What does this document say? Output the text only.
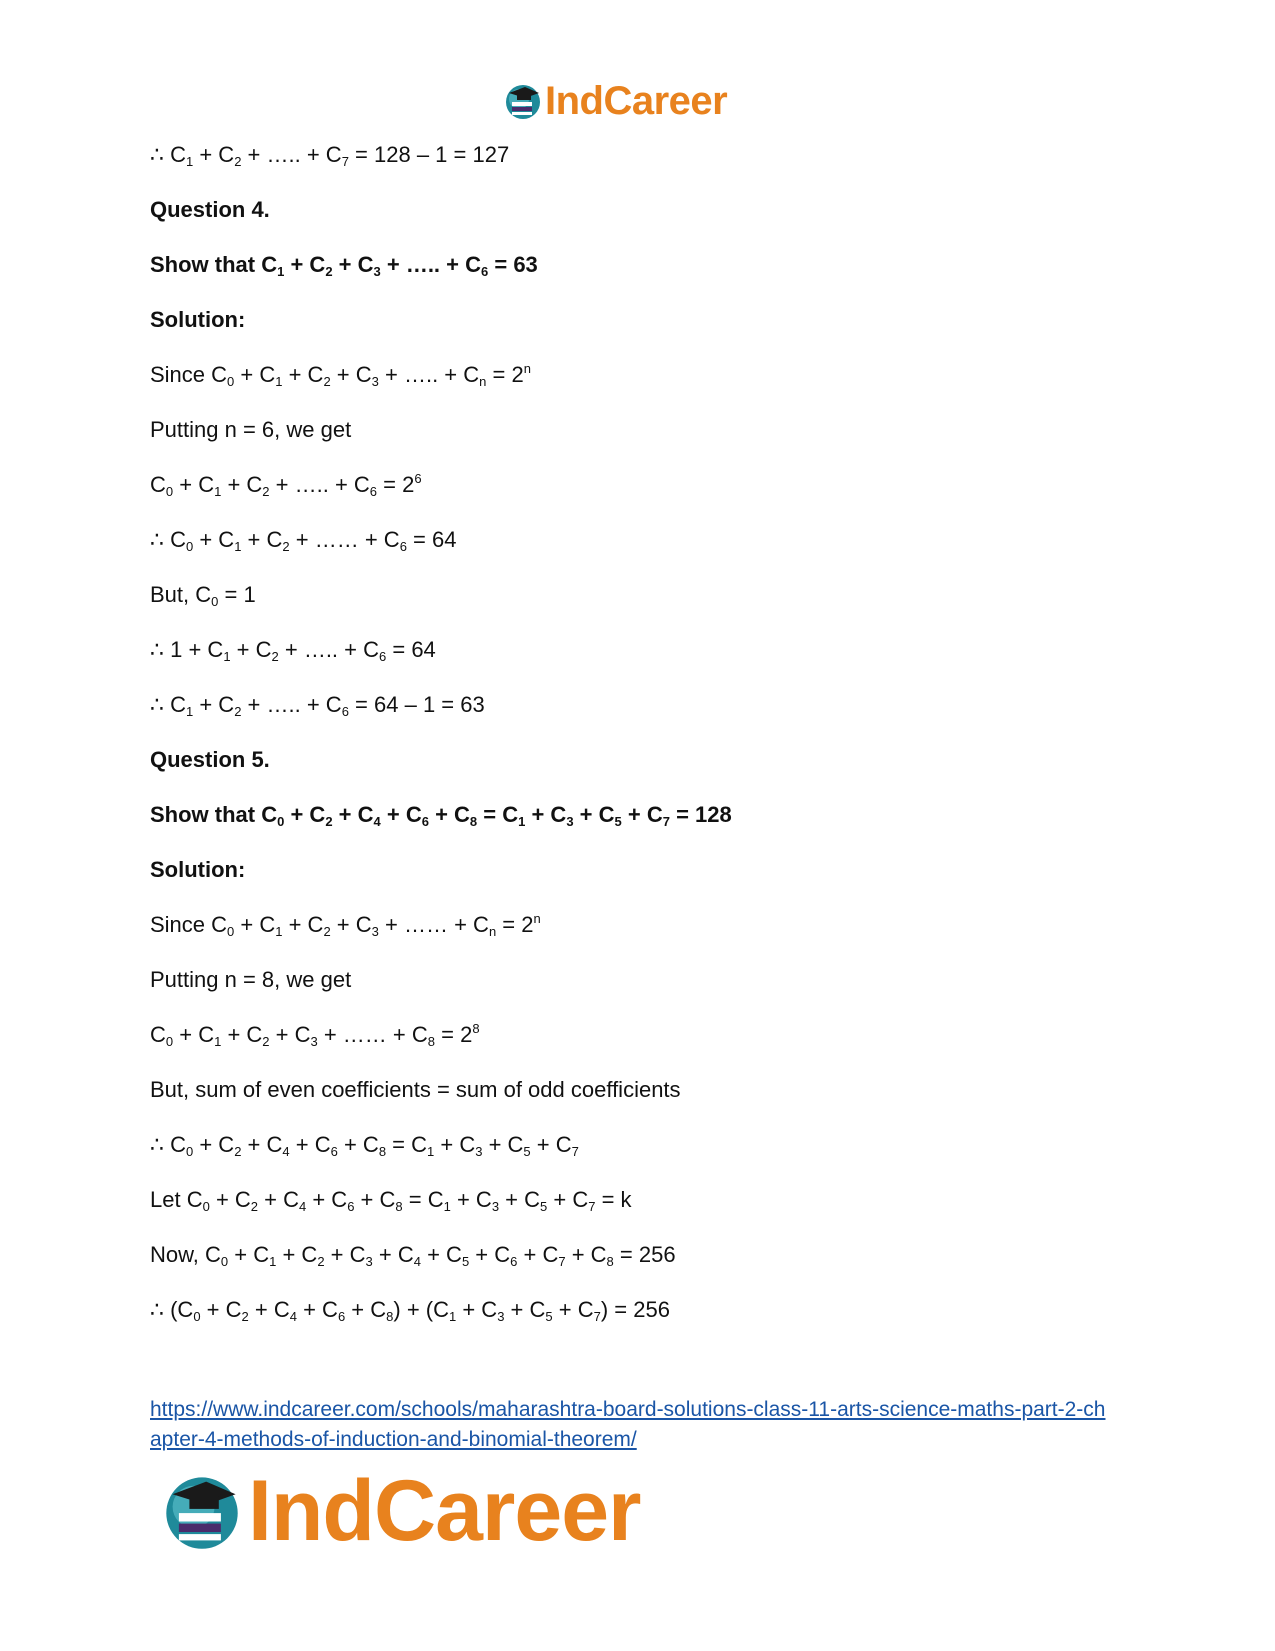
IndCareer
∴ $C_1 + C_2$ + ….. + $C_7 = 128 - 1 = 127$
Question 4.
Show that $C_1 + C_2 + C_3$ + ….. + $C_6 = 63$
Solution:
Since $C_0 + C_1 + C_2 + C_3$ + ….. + $C_n = 2^n$
Putting n = 6, we get
$C_0 + C_1 + C_2$ + ….. + $C_6 = 2^6$
∴ $C_0 + C_1 + C_2$ + …… + $C_6 = 64$
But, $C_0 = 1$
∴ $1 + C_1 + C_2$ + ….. + $C_6 = 64$
∴ $C_1 + C_2$ + ….. + $C_6 = 64 - 1 = 63$
Question 5.
Show that $C_0 + C_2 + C_4 + C_6 + C_8 = C_1 + C_3 + C_5 + C_7 = 128$
Solution:
Since $C_0 + C_1 + C_2 + C_3$ + …… + $C_n = 2^n$
Putting n = 8, we get
$C_0 + C_1 + C_2 + C_3$ + …… + $C_8 = 2^8$
But, sum of even coefficients = sum of odd coefficients
∴ $C_0 + C_2 + C_4 + C_6 + C_8 = C_1 + C_3 + C_5 + C_7$
Let $C_0 + C_2 + C_4 + C_6 + C_8 = C_1 + C_3 + C_5 + C_7 = k$
Now, $C_0 + C_1 + C_2 + C_3 + C_4 + C_5 + C_6 + C_7 + C_8 = 256$
∴ $(C_0 + C_2 + C_4 + C_6 + C_8) + (C_1 + C_3 + C_5 + C_7) = 256$
https://www.indcareer.com/schools/maharashtra-board-solutions-class-11-arts-science-maths-part-2-chapter-4-methods-of-induction-and-binomial-theorem/
IndCareer
